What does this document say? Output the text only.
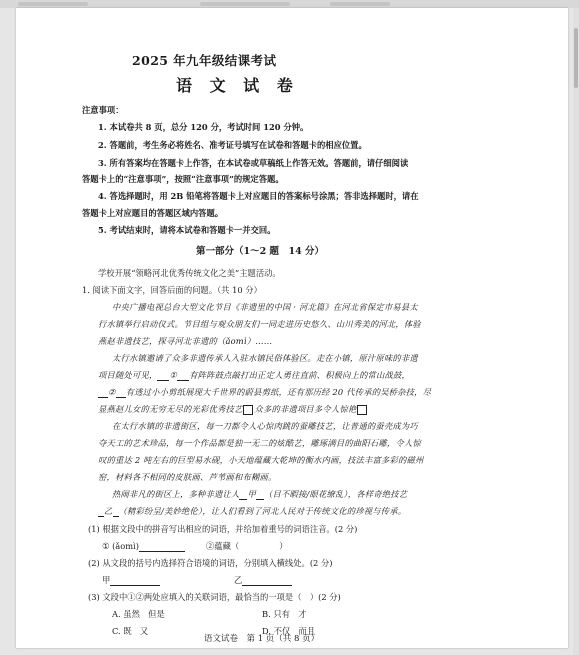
2025 年九年级结课考试
语 文 试 卷
注意事项：
1. 本试卷共 8 页，总分 120 分，考试时间 120 分钟。
2. 答题前，考生务必将姓名、准考证号填写在试卷和答题卡的相应位置。
3. 所有答案均在答题卡上作答，在本试卷或草稿纸上作答无效。答题前，请仔细阅读
答题卡上的“注意事项”，按照“注意事项”的规定答题。
4. 答选择题时，用 2B 铅笔将答题卡上对应题目的答案标号涂黑；答非选择题时，请在
答题卡上对应题目的答题区域内答题。
5. 考试结束时，请将本试卷和答题卡一并交回。
第一部分（1～2 题　14 分）
学校开展“领略河北优秀传统文化之美”主题活动。
1. 阅读下面文字，回答后面的问题。（共 10 分）
中央广播电视总台大型文化节目《非遗里的中国 · 河北篇》在河北省保定市易县太
行水镇举行启动仪式。节目组与观众朋友们一同走进历史悠久、山川秀美的河北，体验
燕赵非遗技艺，探寻河北非遗的（ǎomì）……
太行水镇邀请了众多非遗传承人入驻水镇民俗体验区。走在小镇，原汁原味的非遗
项目随处可见， ① 有阵阵鼓点敲打出正定人勇往直前、积极向上的常山战鼓，
② 有透过小小剪纸展现大千世界的蔚县剪纸，还有那历经 20 代传承的吴桥杂技，尽
显燕赵儿女的无穷无尽的光彩优秀技艺 众多的非遗项目多令人惊艳
在太行水镇的非遗街区，每一刀都令人心惊肉跳的蚕雕技艺，让普通的蚕壳成为巧
夺天工的艺术珍品，每一个作品都是独一无二的炫酷艺，雕琢满目的曲阳石雕，令人惊
叹的重达 2 吨左右的巨型易水砚，小天地蕴藏大乾坤的衡水内画，技法丰富多彩的磁州
窑，材料各不相同的皮肤画、芦苇画和布糊画。
热闹非凡的街区上，多种非遗让人 甲 （目不暇接/眼花缭乱），各样奇绝技艺
乙 （精彩纷呈/美妙绝伦），让人们看到了河北人民对于传统文化的珍视与传承。
(1) 根据文段中的拼音写出相应的词语，并给加着重号的词语注音。(2 分)
① (ǎomì)	②蕴藏（	）
(2) 从文段的括号内选择符合语境的词语，分别填入横线处。(2 分)
甲	乙
(3) 文段中①②两处应填入的关联词语，最恰当的一项是（　）(2 分)
A. 虽然　但是	B. 只有　才
C. 既　又	D. 不仅　而且
语文试卷　第 1 页（共 8 页）
